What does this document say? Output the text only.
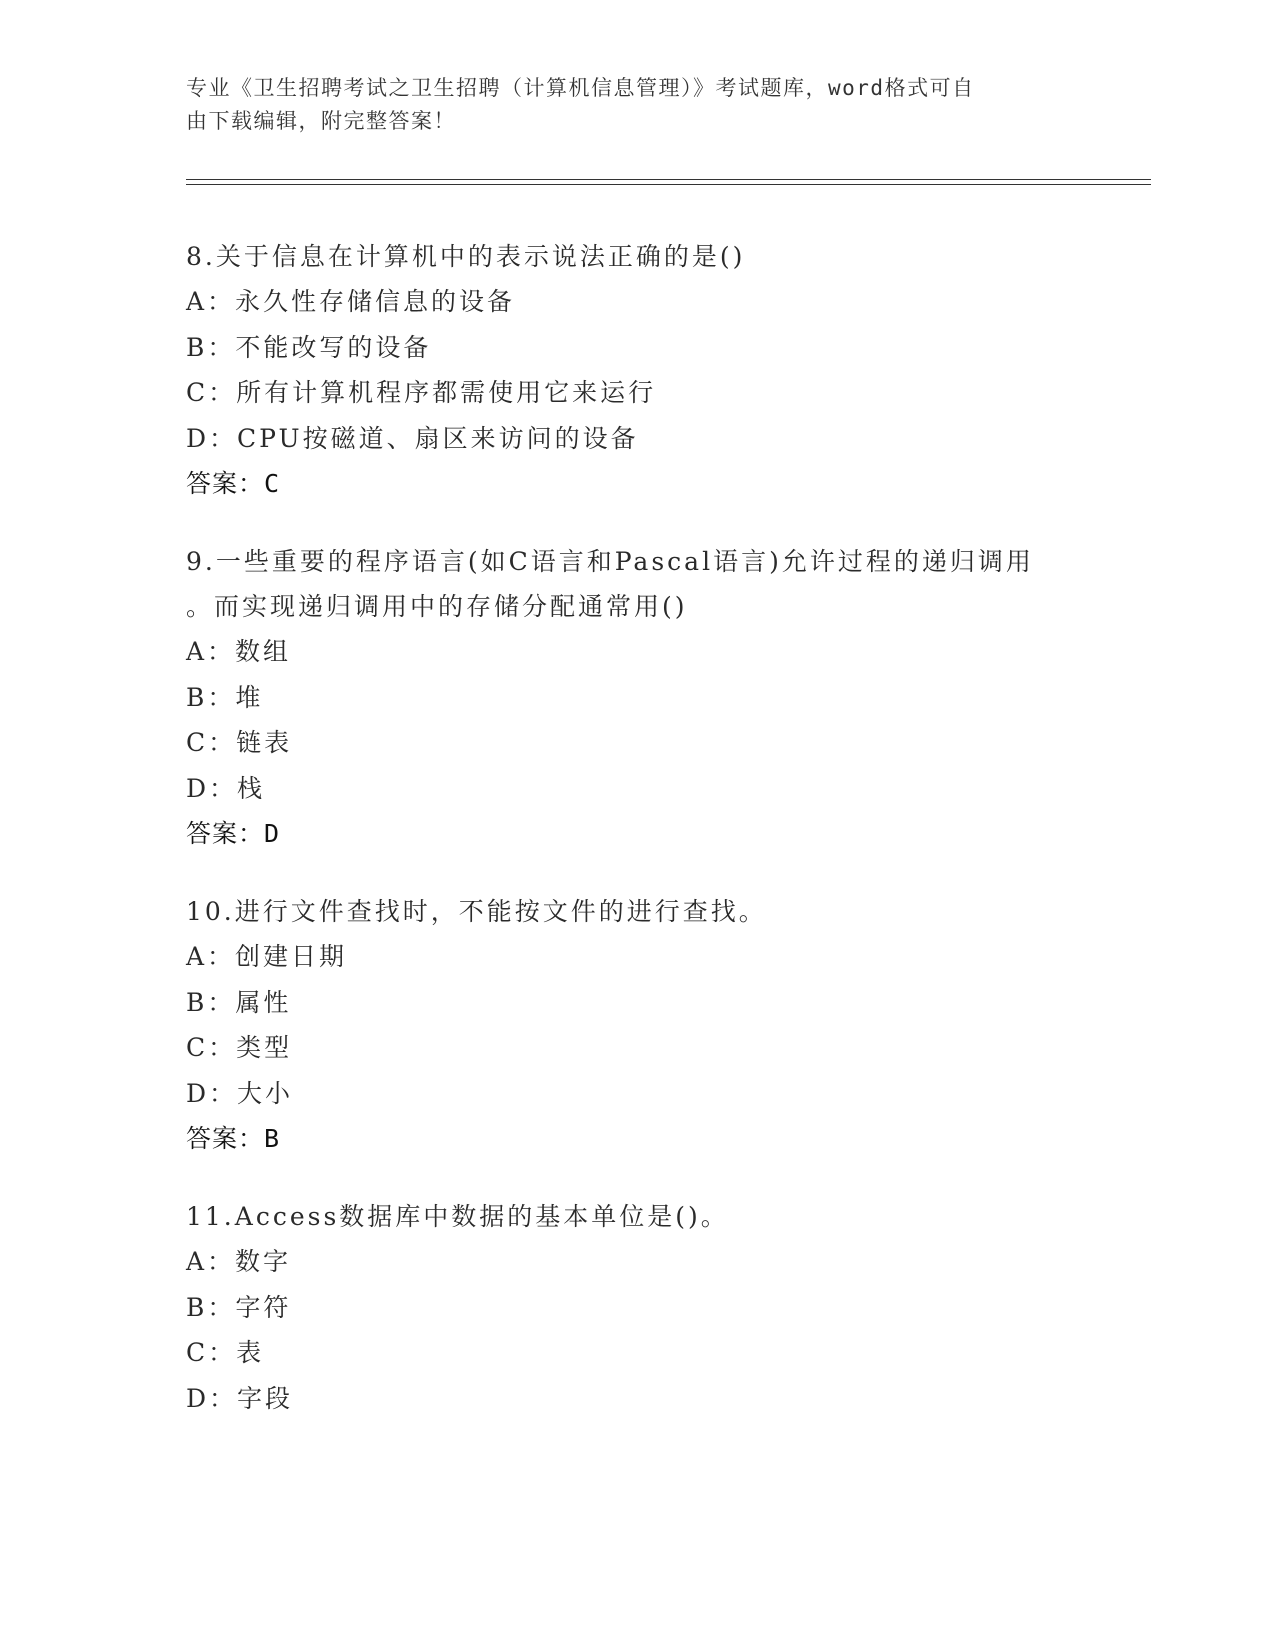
专业《卫生招聘考试之卫生招聘（计算机信息管理）》考试题库，word格式可自
由下载编辑，附完整答案！
8.关于信息在计算机中的表示说法正确的是()
A：永久性存储信息的设备
B：不能改写的设备
C：所有计算机程序都需使用它来运行
D：CPU按磁道、扇区来访问的设备
答案：C
9.一些重要的程序语言(如C语言和Pascal语言)允许过程的递归调用
。而实现递归调用中的存储分配通常用()
A：数组
B：堆
C：链表
D：栈
答案：D
10.进行文件查找时，不能按文件的进行查找。
A：创建日期
B：属性
C：类型
D：大小
答案：B
11.Access数据库中数据的基本单位是()。
A：数字
B：字符
C：表
D：字段
